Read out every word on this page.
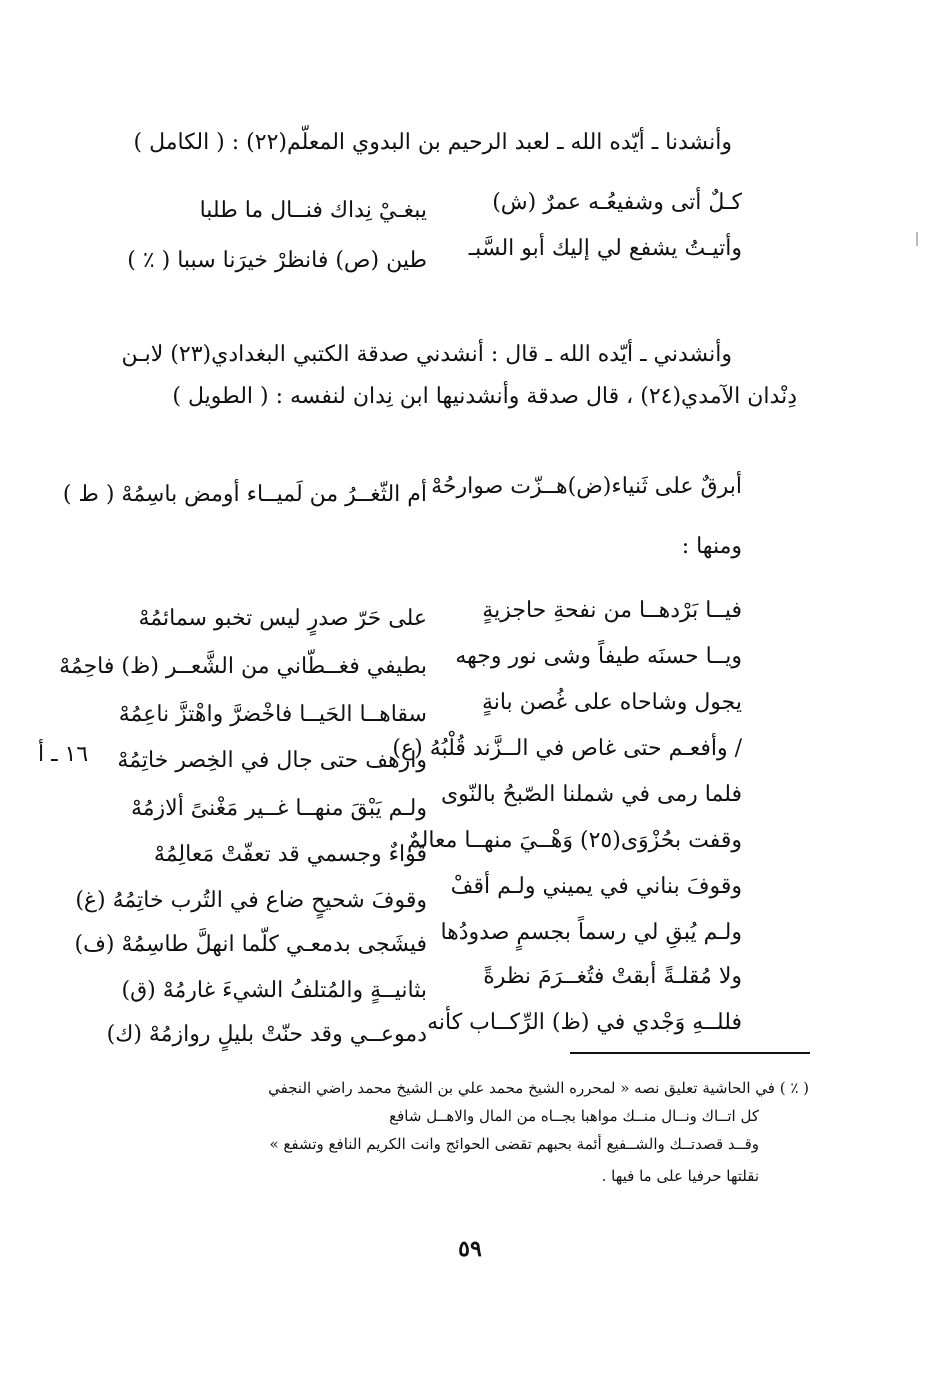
وأنشدنا ـ أيّده الله ـ لعبد الرحيم بن البدوي المعلّم(٢٢) : ( الكامل )
كـلٌ أتى وشفيعُـه عمرٌ (ش)
يبغـيْ نِداك فنــال ما طلبا
وأتيـتُ يشفع لي إليك أبو السَّبـ
طين (ص) فانظرْ خيرَنا سببا ( ٪ )
وأنشدني ـ أيّده الله ـ قال : أنشدني صدقة الكتبي البغدادي(٢٣) لابـن
دِنْدان الآمدي(٢٤) ، قال صدقة وأنشدنيها ابن نِدان لنفسه : ( الطويل )
أبرقٌ على ثَنياء(ض)هــزّت صوارحُهْ
أم الثّغــرُ من لَميــاء أومض باسِمُهْ ( ط )
ومنها :
فيــا بَرْدهــا من نفحةِ حاجزيةٍ
على حَرّ صدرٍ ليس تخبو سمائمُهْ
ويــا حسنَه طيفاً وشى نور وجهه
بطيفي فغــطّاني من الشَّعــر (ظ) فاحِمُهْ
يجول وشاحاه على غُصن بانةٍ
سقاهــا الحَيــا فاخْضرَّ واهْتزَّ ناعِمُهْ
/ وأفعـم حتى غاص في الــزَّند قُلْبُهُ (ع)
وارهف حتى جال في الخِصر خاتِمُهْ
فلما رمى في شملنا الصّبحُ بالنّوى
ولـم يَبْقَ منهــا غــير مَغْنىً ألازمُهْ
وقفت بحُزْوَى(٢٥) وَهْــيَ منهــا معالمٌ
قَواءٌ وجسمي قد تعفّتْ مَعالِمُهْ
وقوفَ بناني في يميني ولـم أقفْ
وقوفَ شحيحٍ ضاع في التُرب خاتِمُهُ (غ)
ولـم يُبقِ لي رسماً بجسمٍ صدودُها
فيشَجى بدمعـي كلّما انهلَّ طاسِمُهْ (ف)
ولا مُقلـةً أبقتْ فتُغــرَمَ نظرةً
بثانيــةٍ والمُتلفُ الشيءَ غارمُهْ (ق)
فللــهِ وَجْدي في (ظ) الرِّكــاب كأنه
دموعــي وقد حنّتْ بليلٍ روازمُهْ (ك)
١٦ ـ أ
( ٪ ) في الحاشية تعليق نصه « لمحرره الشيخ محمد علي بن الشيخ محمد راضي النجفي
كل اتــاك ونــال منــك مواهبا بجــاه من المال والاهــل شافع
وقــد قصدتــك والشــفيع أئمة بحبهم تقضى الحوائج وانت الكريم النافع وتشفع »
نقلتها حرفيا على ما فيها .
٥٩
